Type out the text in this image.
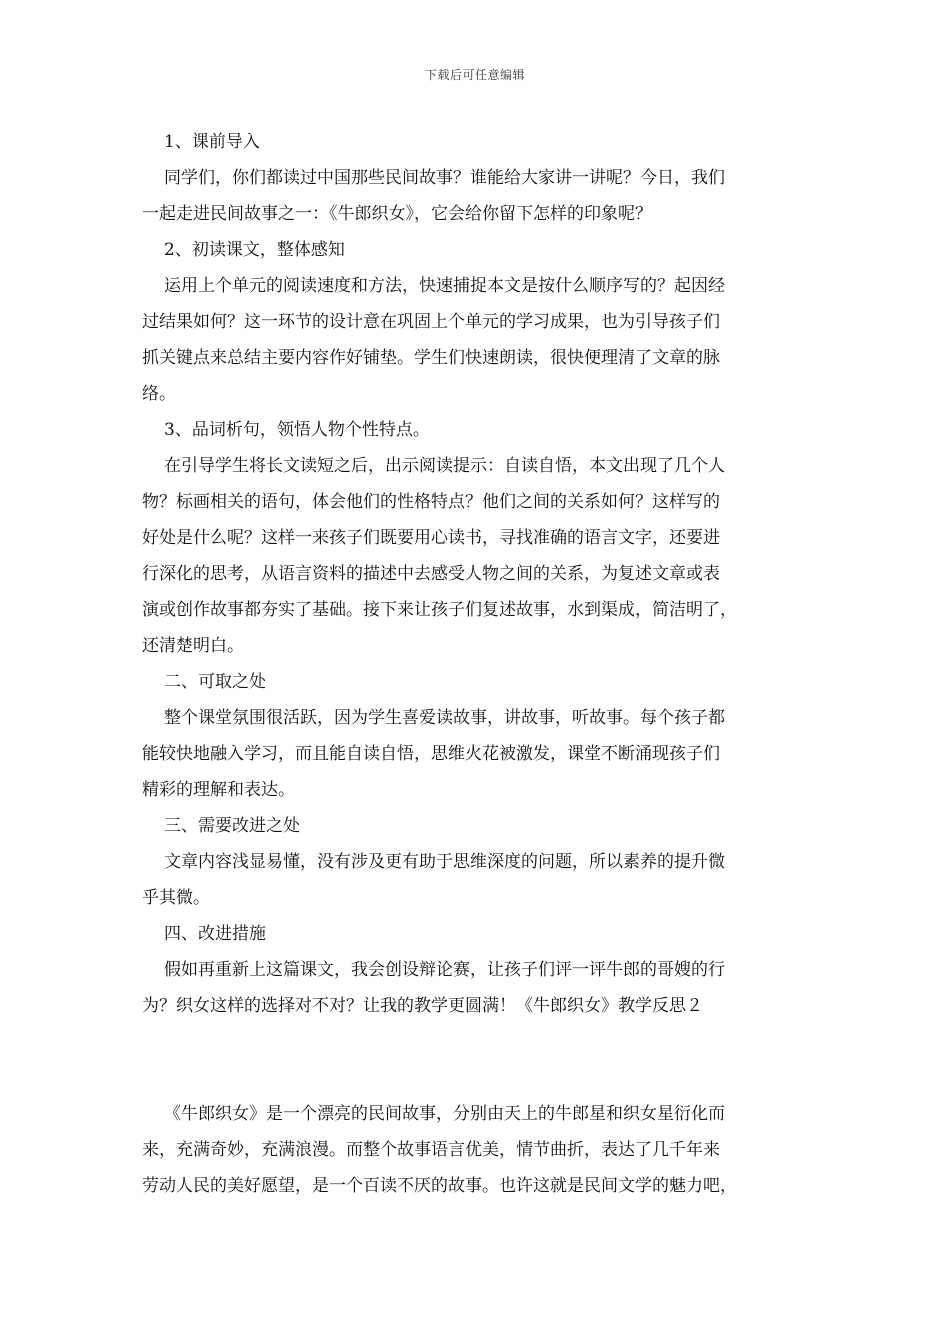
下载后可任意编辑
1、课前导入
同学们，你们都读过中国那些民间故事？谁能给大家讲一讲呢？今日，我们
一起走进民间故事之一：《牛郎织女》，它会给你留下怎样的印象呢？
2、初读课文，整体感知
运用上个单元的阅读速度和方法，快速捕捉本文是按什么顺序写的？起因经
过结果如何？这一环节的设计意在巩固上个单元的学习成果，也为引导孩子们
抓关键点来总结主要内容作好铺垫。学生们快速朗读，很快便理清了文章的脉
络。
3、品词析句，领悟人物个性特点。
在引导学生将长文读短之后，出示阅读提示：自读自悟，本文出现了几个人
物？标画相关的语句，体会他们的性格特点？他们之间的关系如何？这样写的
好处是什么呢？这样一来孩子们既要用心读书，寻找准确的语言文字，还要进
行深化的思考，从语言资料的描述中去感受人物之间的关系，为复述文章或表
演或创作故事都夯实了基础。接下来让孩子们复述故事，水到渠成，简洁明了，
还清楚明白。
二、可取之处
整个课堂氛围很活跃，因为学生喜爱读故事，讲故事，听故事。每个孩子都
能较快地融入学习，而且能自读自悟，思维火花被激发，课堂不断涌现孩子们
精彩的理解和表达。
三、需要改进之处
文章内容浅显易懂，没有涉及更有助于思维深度的问题，所以素养的提升微
乎其微。
四、改进措施
假如再重新上这篇课文，我会创设辩论赛，让孩子们评一评牛郎的哥嫂的行
为？织女这样的选择对不对？让我的教学更圆满！《牛郎织女》教学反思２
《牛郎织女》是一个漂亮的民间故事，分别由天上的牛郎星和织女星衍化而
来，充满奇妙，充满浪漫。而整个故事语言优美，情节曲折，表达了几千年来
劳动人民的美好愿望，是一个百读不厌的故事。也许这就是民间文学的魅力吧，
